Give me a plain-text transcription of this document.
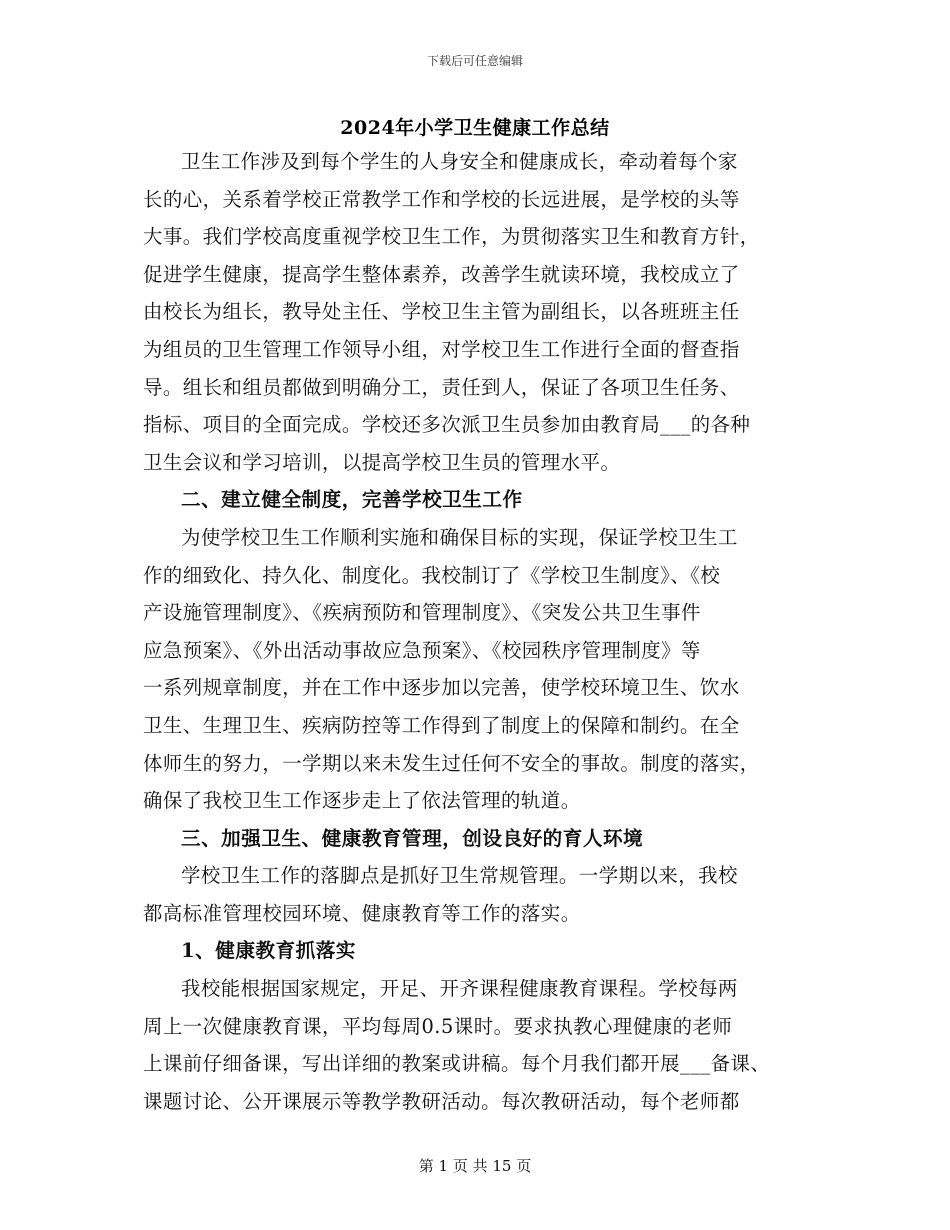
下载后可任意编辑
2024年小学卫生健康工作总结
卫生工作涉及到每个学生的人身安全和健康成长，牵动着每个家
长的心，关系着学校正常教学工作和学校的长远进展，是学校的头等
大事。我们学校高度重视学校卫生工作，为贯彻落实卫生和教育方针，
促进学生健康，提高学生整体素养，改善学生就读环境，我校成立了
由校长为组长，教导处主任、学校卫生主管为副组长，以各班班主任
为组员的卫生管理工作领导小组，对学校卫生工作进行全面的督查指
导。组长和组员都做到明确分工，责任到人，保证了各项卫生任务、
指标、项目的全面完成。学校还多次派卫生员参加由教育局___的各种
卫生会议和学习培训，以提高学校卫生员的管理水平。
二、建立健全制度，完善学校卫生工作
为使学校卫生工作顺利实施和确保目标的实现，保证学校卫生工
作的细致化、持久化、制度化。我校制订了《学校卫生制度》、《校
产设施管理制度》、《疾病预防和管理制度》、《突发公共卫生事件
应急预案》、《外出活动事故应急预案》、《校园秩序管理制度》等
一系列规章制度，并在工作中逐步加以完善，使学校环境卫生、饮水
卫生、生理卫生、疾病防控等工作得到了制度上的保障和制约。在全
体师生的努力，一学期以来未发生过任何不安全的事故。制度的落实，
确保了我校卫生工作逐步走上了依法管理的轨道。
三、加强卫生、健康教育管理，创设良好的育人环境
学校卫生工作的落脚点是抓好卫生常规管理。一学期以来，我校
都高标准管理校园环境、健康教育等工作的落实。
1、健康教育抓落实
我校能根据国家规定，开足、开齐课程健康教育课程。学校每两
周上一次健康教育课，平均每周0.5课时。要求执教心理健康的老师
上课前仔细备课，写出详细的教案或讲稿。每个月我们都开展___备课、
课题讨论、公开课展示等教学教研活动。每次教研活动，每个老师都
第 1 页 共 15 页
